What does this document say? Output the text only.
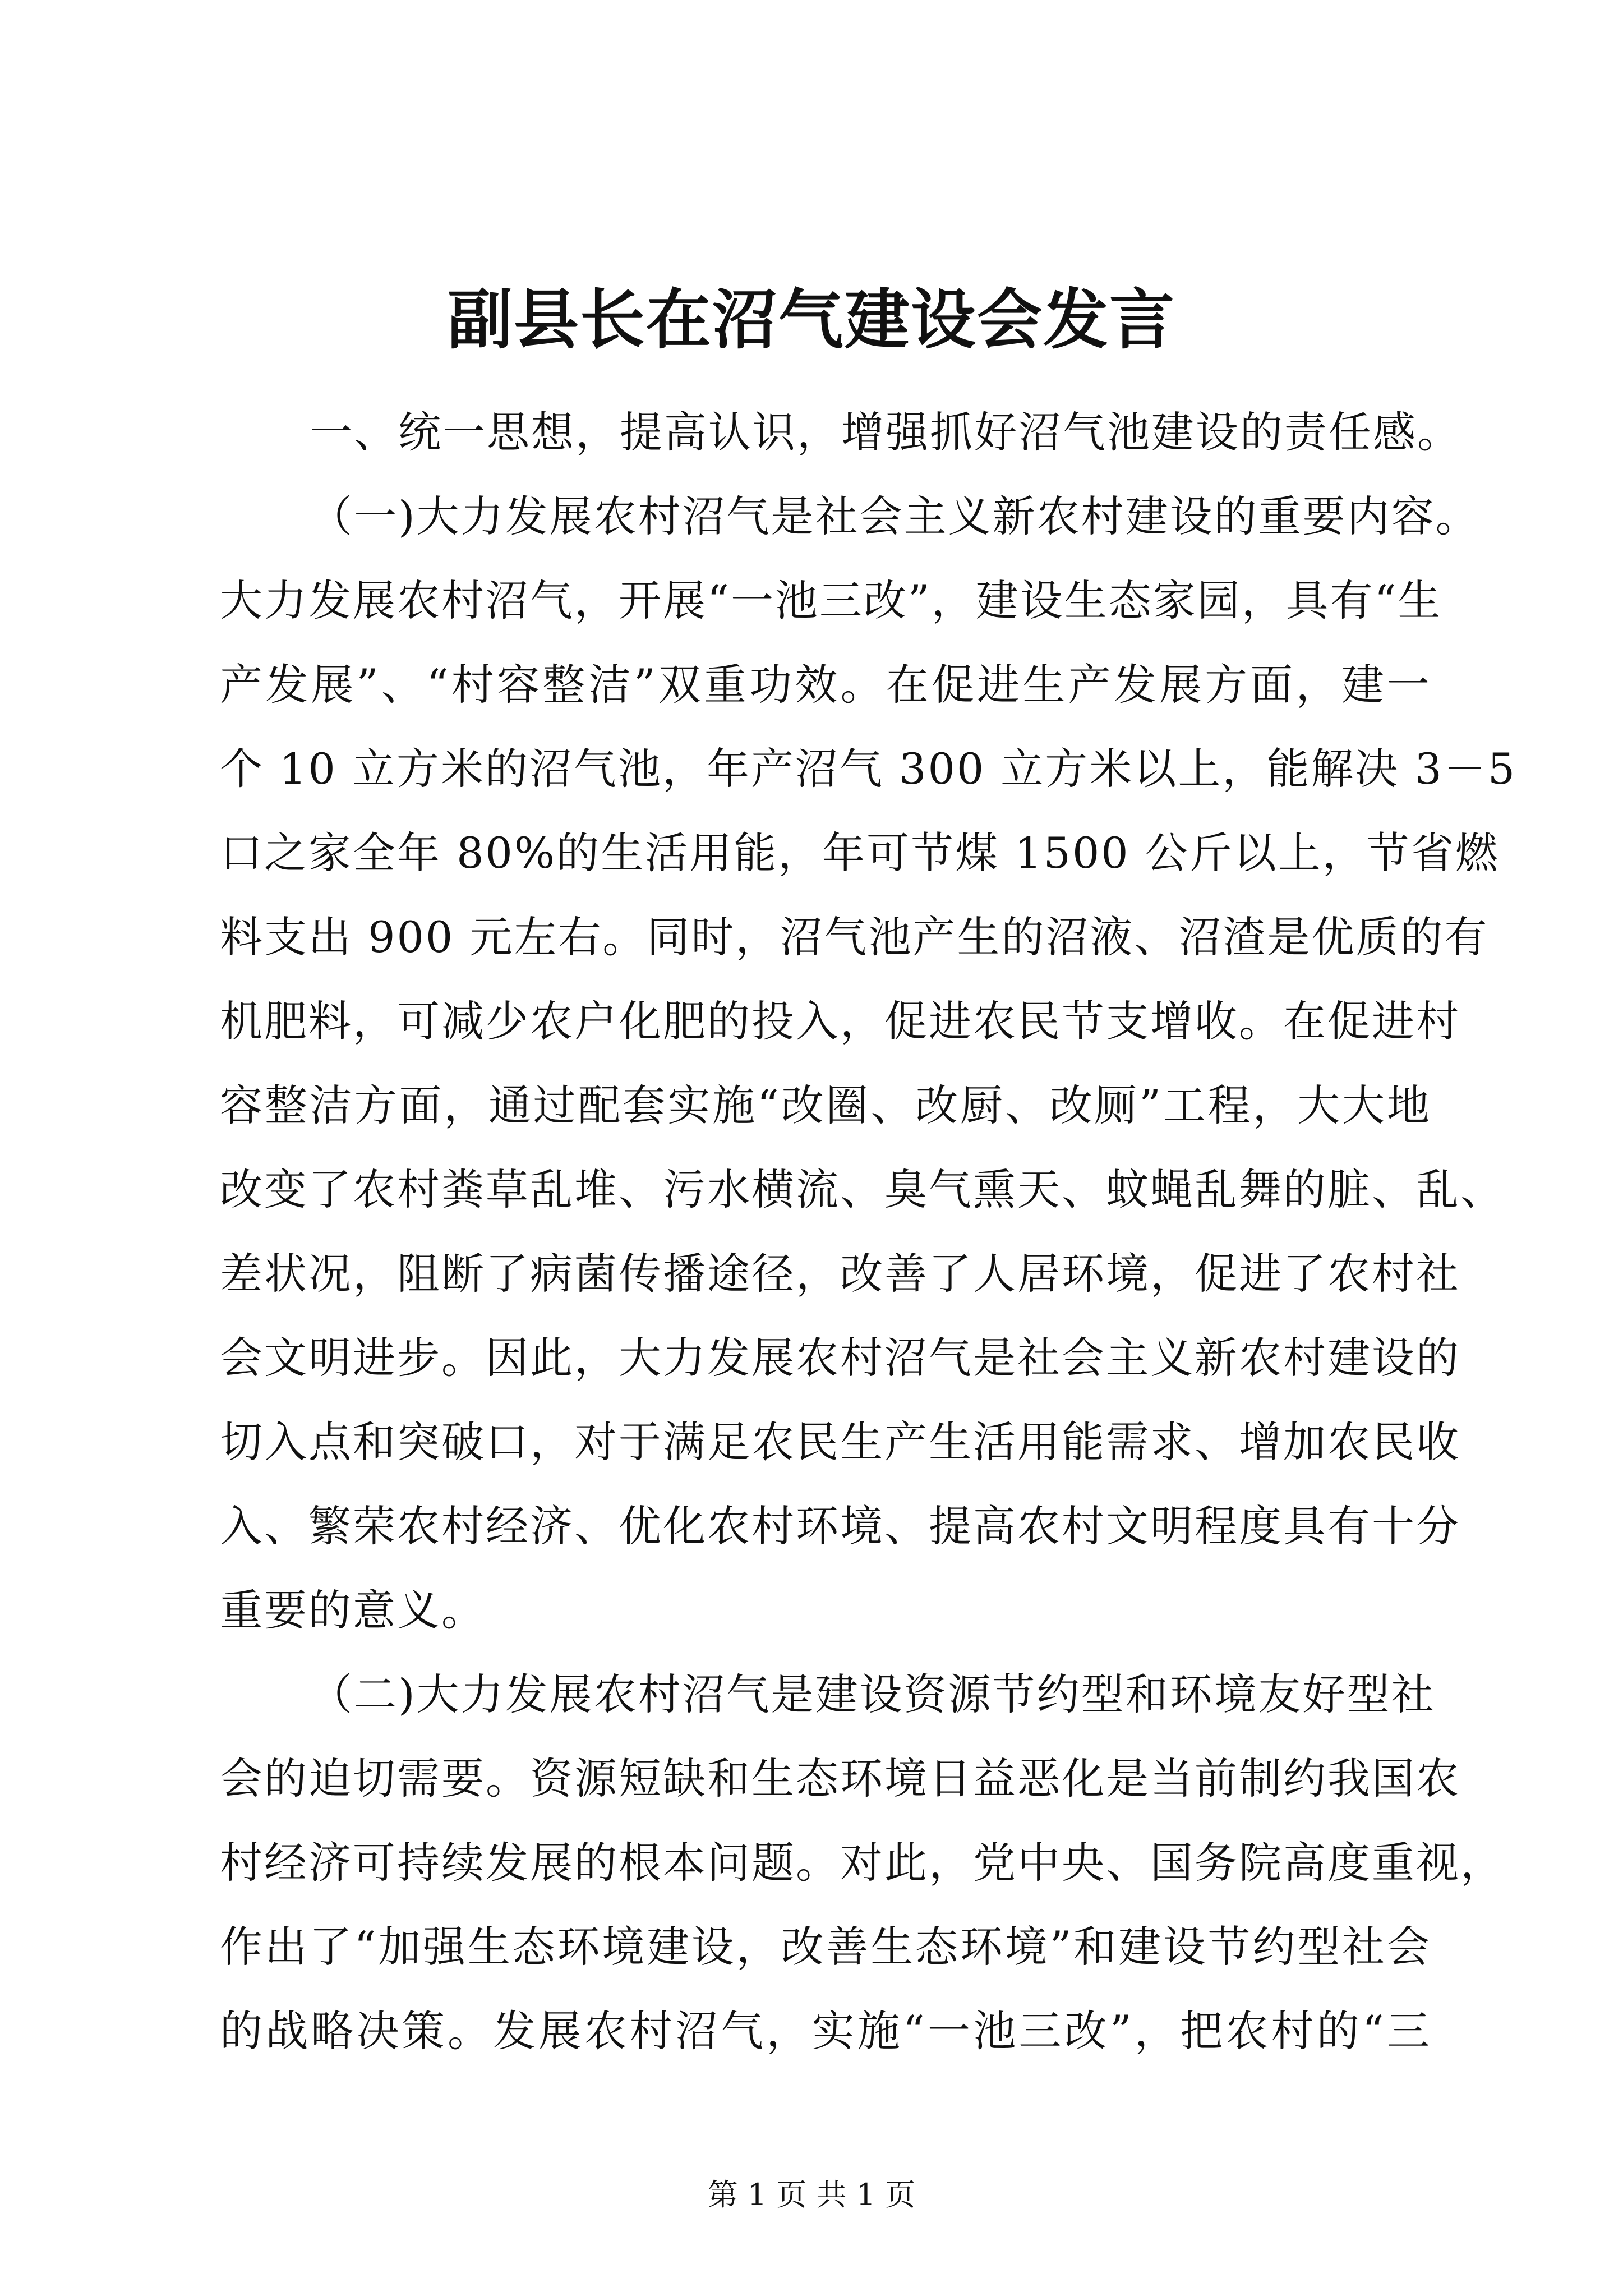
副县长在沼气建设会发言
一、统一思想，提高认识，增强抓好沼气池建设的责任感。
（一)大力发展农村沼气是社会主义新农村建设的重要内容。
大力发展农村沼气，开展“一池三改”，建设生态家园，具有“生
产发展”、“村容整洁”双重功效。在促进生产发展方面，建一
个 10 立方米的沼气池，年产沼气 300 立方米以上，能解决 3－5
口之家全年 80%的生活用能，年可节煤 1500 公斤以上，节省燃
料支出 900 元左右。同时，沼气池产生的沼液、沼渣是优质的有
机肥料，可减少农户化肥的投入，促进农民节支增收。在促进村
容整洁方面，通过配套实施“改圈、改厨、改厕”工程，大大地
改变了农村粪草乱堆、污水横流、臭气熏天、蚊蝇乱舞的脏、乱、
差状况，阻断了病菌传播途径，改善了人居环境，促进了农村社
会文明进步。因此，大力发展农村沼气是社会主义新农村建设的
切入点和突破口，对于满足农民生产生活用能需求、增加农民收
入、繁荣农村经济、优化农村环境、提高农村文明程度具有十分
重要的意义。
（二)大力发展农村沼气是建设资源节约型和环境友好型社
会的迫切需要。资源短缺和生态环境日益恶化是当前制约我国农
村经济可持续发展的根本问题。对此，党中央、国务院高度重视，
作出了“加强生态环境建设，改善生态环境”和建设节约型社会
的战略决策。发展农村沼气，实施“一池三改”，把农村的“三
第 1 页 共 1 页
